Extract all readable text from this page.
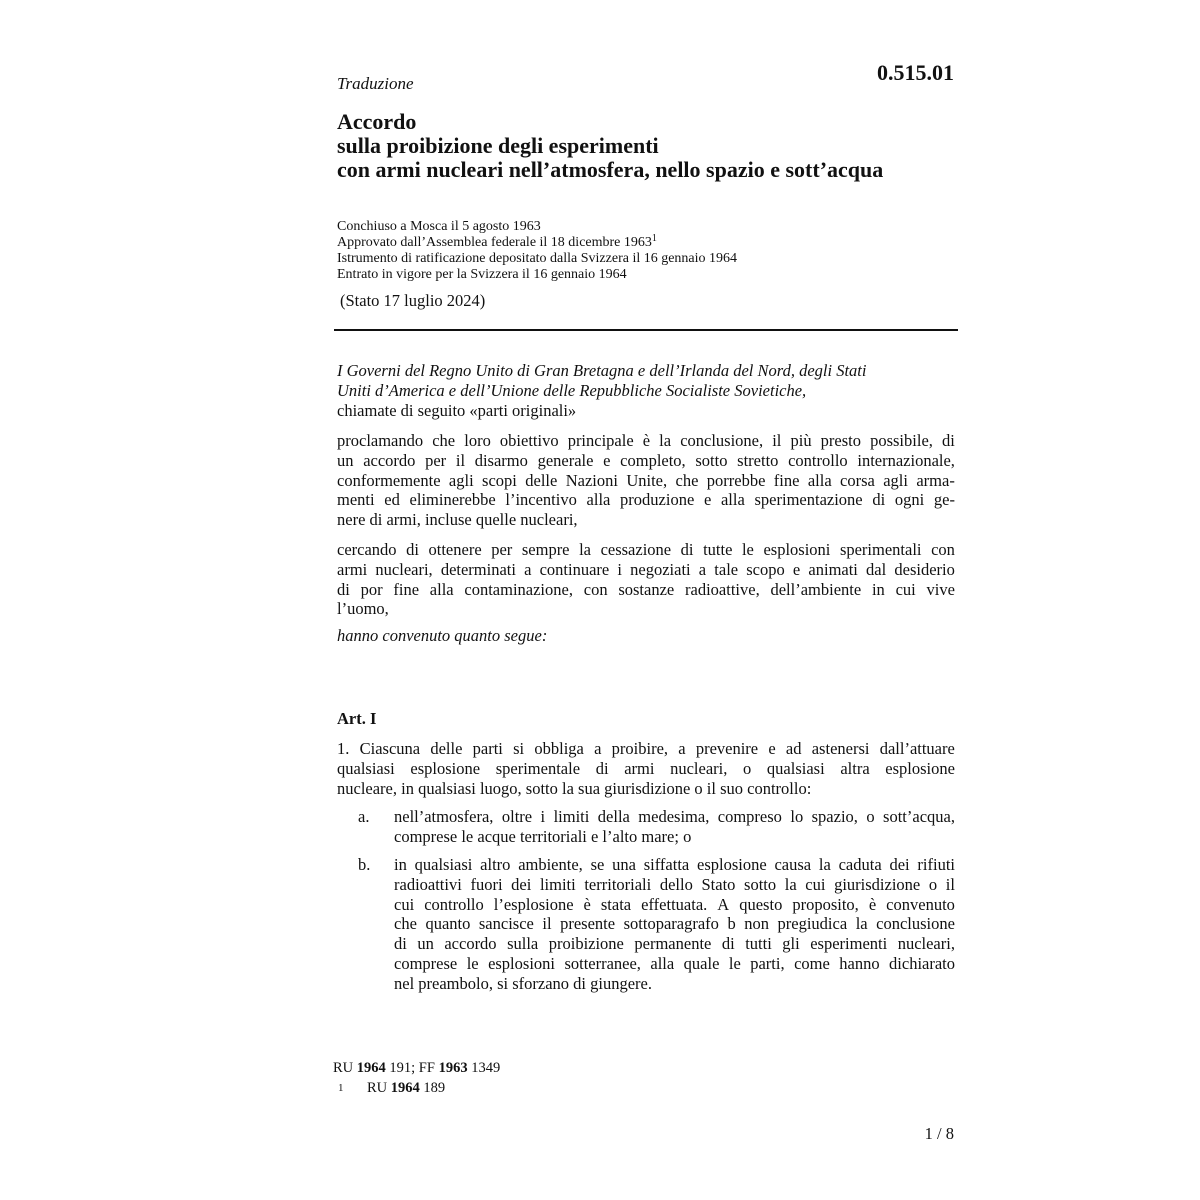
Traduzione	0.515.01
Accordo
sulla proibizione degli esperimenti
con armi nucleari nell’atmosfera, nello spazio e sott’acqua
Conchiuso a Mosca il 5 agosto 1963
Approvato dall’Assemblea federale il 18 dicembre 1963$^1$
Istrumento di ratificazione depositato dalla Svizzera il 16 gennaio 1964
Entrato in vigore per la Svizzera il 16 gennaio 1964
(Stato 17 luglio 2024)
I Governi del Regno Unito di Gran Bretagna e dell’Irlanda del Nord, degli Stati
Uniti d’America e dell’Unione delle Repubbliche Socialiste Sovietiche,
chiamate di seguito «parti originali»
proclamando che loro obiettivo principale è la conclusione, il più presto possibile, di
un accordo per il disarmo generale e completo, sotto stretto controllo internazionale,
conformemente agli scopi delle Nazioni Unite, che porrebbe fine alla corsa agli arma-
menti ed eliminerebbe l’incentivo alla produzione e alla sperimentazione di ogni ge-
nere di armi, incluse quelle nucleari,
cercando di ottenere per sempre la cessazione di tutte le esplosioni sperimentali con
armi nucleari, determinati a continuare i negoziati a tale scopo e animati dal desiderio
di por fine alla contaminazione, con sostanze radioattive, dell’ambiente in cui vive
l’uomo,
hanno convenuto quanto segue:
Art. I
1. Ciascuna delle parti si obbliga a proibire, a prevenire e ad astenersi dall’attuare
qualsiasi esplosione sperimentale di armi nucleari, o qualsiasi altra esplosione
nucleare, in qualsiasi luogo, sotto la sua giurisdizione o il suo controllo:
a. nell’atmosfera, oltre i limiti della medesima, compreso lo spazio, o sott’acqua,
comprese le acque territoriali e l’alto mare; o
b. in qualsiasi altro ambiente, se una siffatta esplosione causa la caduta dei rifiuti
radioattivi fuori dei limiti territoriali dello Stato sotto la cui giurisdizione o il
cui controllo l’esplosione è stata effettuata. A questo proposito, è convenuto
che quanto sancisce il presente sottoparagrafo b non pregiudica la conclusione
di un accordo sulla proibizione permanente di tutti gli esperimenti nucleari,
comprese le esplosioni sotterranee, alla quale le parti, come hanno dichiarato
nel preambolo, si sforzano di giungere.
RU 1964 191; FF 1963 1349
1 RU 1964 189
1 / 8
